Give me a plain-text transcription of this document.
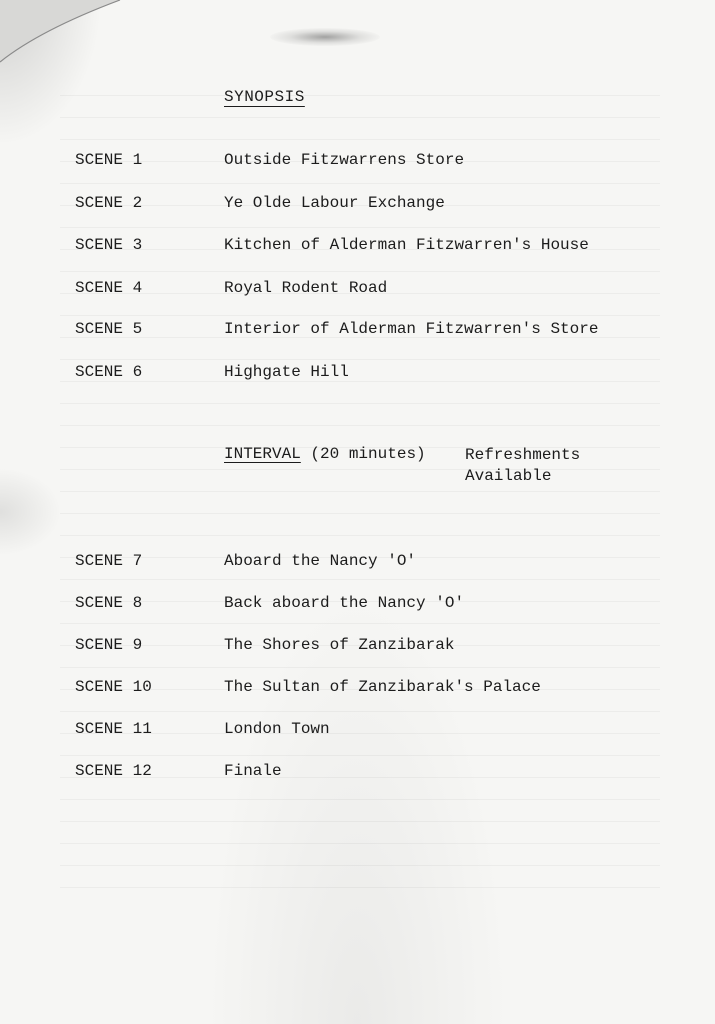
SYNOPSIS
SCENE 1	Outside Fitzwarrens Store
SCENE 2	Ye Olde Labour Exchange
SCENE 3	Kitchen of Alderman Fitzwarren's House
SCENE 4	Royal Rodent Road
SCENE 5	Interior of Alderman Fitzwarren's Store
SCENE 6	Highgate Hill
INTERVAL (20 minutes) Refreshments
Available
SCENE 7	Aboard the Nancy 'O'
SCENE 8	Back aboard the Nancy 'O'
SCENE 9	The Shores of Zanzibarak
SCENE 10	The Sultan of Zanzibarak's Palace
SCENE 11	London Town
SCENE 12	Finale
